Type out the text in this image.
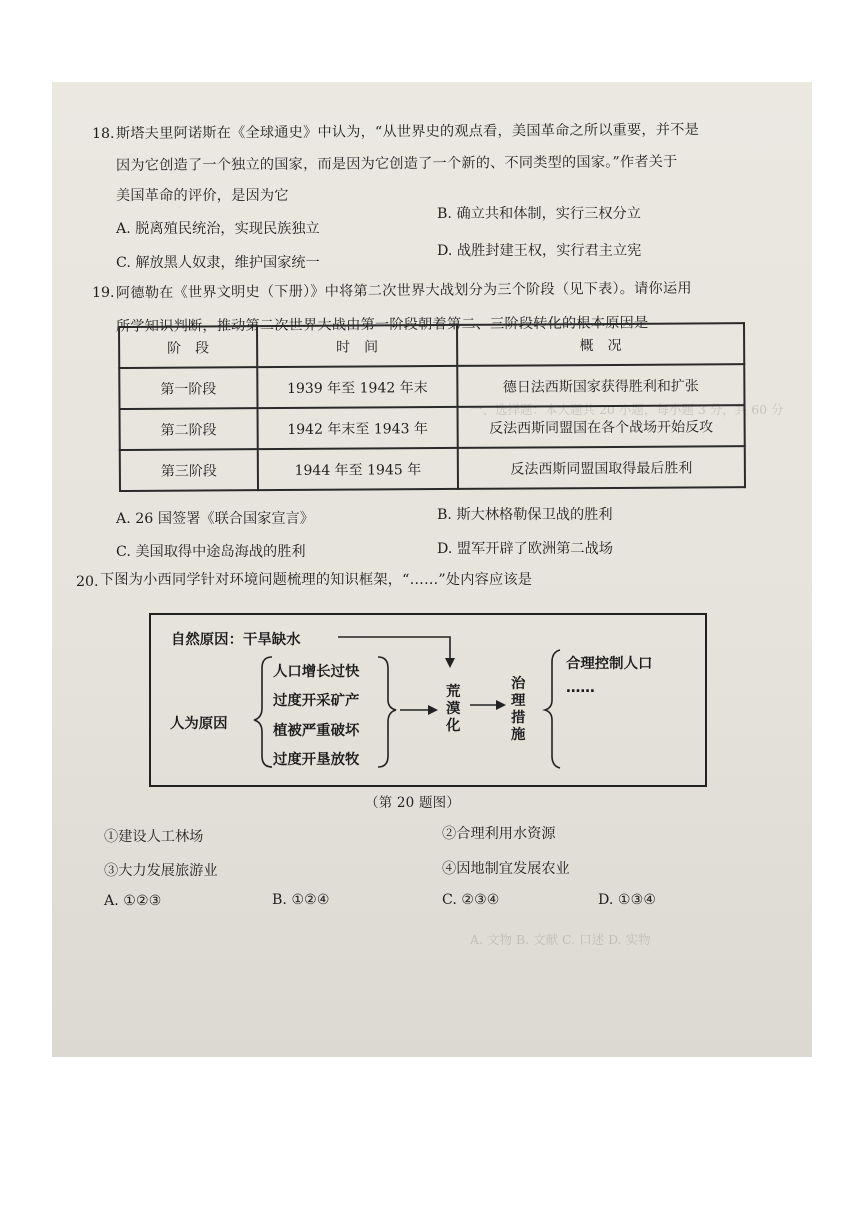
一、选择题：本大题共 20 小题，每小题 3 分，共 60 分
A. 文物 B. 文献 C. 口述 D. 实物
18. 斯塔夫里阿诺斯在《全球通史》中认为，“从世界史的观点看，美国革命之所以重要，并不是
因为它创造了一个独立的国家，而是因为它创造了一个新的、不同类型的国家。”作者关于
美国革命的评价，是因为它
A. 脱离殖民统治，实现民族独立
B. 确立共和体制，实行三权分立
C. 解放黑人奴隶，维护国家统一
D. 战胜封建王权，实行君主立宪
19. 阿德勒在《世界文明史（下册）》中将第二次世界大战划分为三个阶段（见下表）。请你运用
所学知识判断，推动第二次世界大战由第一阶段朝着第二、三阶段转化的根本原因是
阶　段	时　间	概　况
第一阶段	1939 年至 1942 年末	德日法西斯国家获得胜利和扩张
第二阶段	1942 年末至 1943 年	反法西斯同盟国在各个战场开始反攻
第三阶段	1944 年至 1945 年	反法西斯同盟国取得最后胜利
A. 26 国签署《联合国家宣言》	B. 斯大林格勒保卫战的胜利
C. 美国取得中途岛海战的胜利	D. 盟军开辟了欧洲第二战场
20. 下图为小西同学针对环境问题梳理的知识框架，“……”处内容应该是
自然原因：干旱缺水
人为原因
人口增长过快
过度开采矿产
植被严重破坏
过度开垦放牧
荒
漠
化
治
理
措
施
合理控制人口
……
（第 20 题图）
①建设人工林场	②合理利用水资源
③大力发展旅游业	④因地制宜发展农业
A. ①②③	B. ①②④	C. ②③④	D. ①③④
